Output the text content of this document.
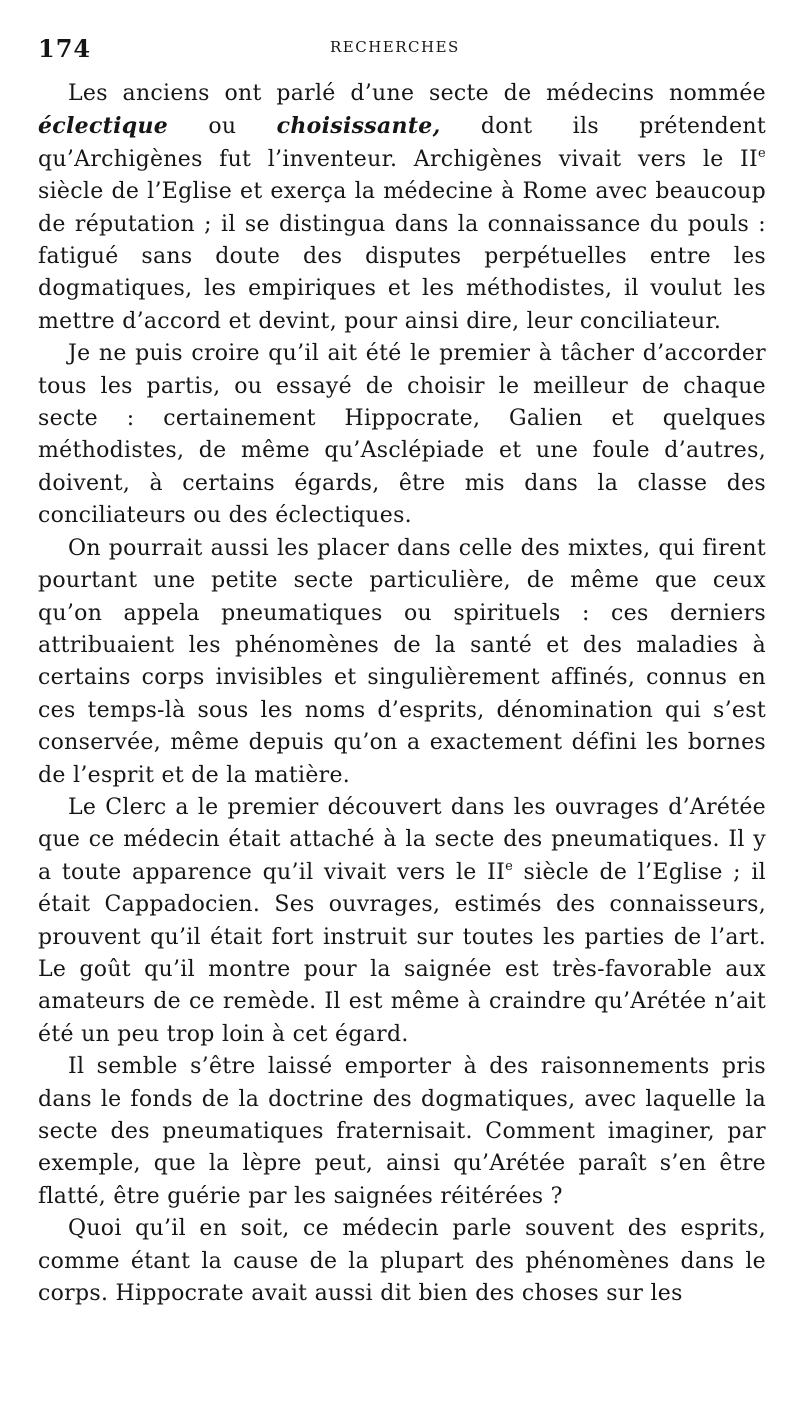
174	RECHERCHES

Les anciens ont parlé d’une secte de médecins nommée éclectique ou choisissante, dont ils prétendent qu’Archigènes fut l’inventeur. Archigènes vivait vers le IIe siècle de l’Eglise et exerça la médecine à Rome avec beaucoup de réputation ; il se distingua dans la connaissance du pouls : fatigué sans doute des disputes perpétuelles entre les dogmatiques, les empiriques et les méthodistes, il voulut les mettre d’accord et devint, pour ainsi dire, leur conciliateur.

Je ne puis croire qu’il ait été le premier à tâcher d’accorder tous les partis, ou essayé de choisir le meilleur de chaque secte : certainement Hippocrate, Galien et quelques méthodistes, de même qu’Asclépiade et une foule d’autres, doivent, à certains égards, être mis dans la classe des conciliateurs ou des éclectiques.

On pourrait aussi les placer dans celle des mixtes, qui firent pourtant une petite secte particulière, de même que ceux qu’on appela pneumatiques ou spirituels : ces derniers attribuaient les phénomènes de la santé et des maladies à certains corps invisibles et singulièrement affinés, connus en ces temps-là sous les noms d’esprits, dénomination qui s’est conservée, même depuis qu’on a exactement défini les bornes de l’esprit et de la matière.

Le Clerc a le premier découvert dans les ouvrages d’Arétée que ce médecin était attaché à la secte des pneumatiques. Il y a toute apparence qu’il vivait vers le IIe siècle de l’Eglise ; il était Cappadocien. Ses ouvrages, estimés des connaisseurs, prouvent qu’il était fort instruit sur toutes les parties de l’art. Le goût qu’il montre pour la saignée est très-favorable aux amateurs de ce remède. Il est même à craindre qu’Arétée n’ait été un peu trop loin à cet égard.

Il semble s’être laissé emporter à des raisonnements pris dans le fonds de la doctrine des dogmatiques, avec laquelle la secte des pneumatiques fraternisait. Comment imaginer, par exemple, que la lèpre peut, ainsi qu’Arétée paraît s’en être flatté, être guérie par les saignées réitérées ?

Quoi qu’il en soit, ce médecin parle souvent des esprits, comme étant la cause de la plupart des phénomènes dans le corps. Hippocrate avait aussi dit bien des choses sur les
